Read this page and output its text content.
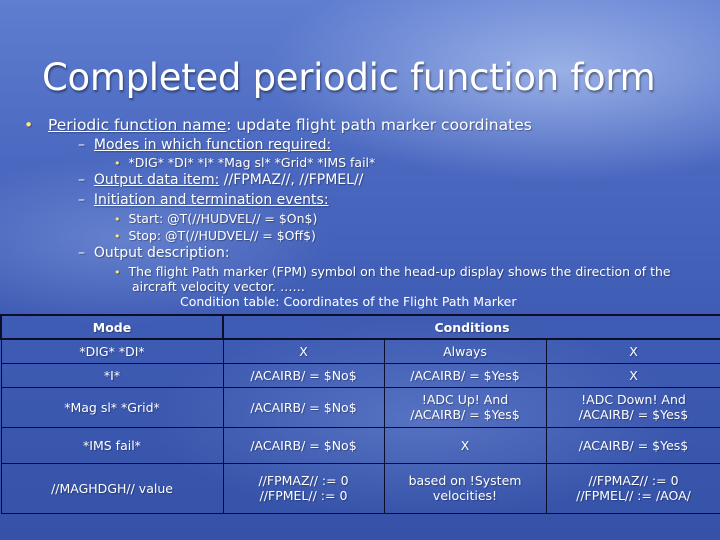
Completed periodic function form
• Periodic function name: update flight path marker coordinates
– Modes in which function required:
• *DIG* *DI* *I* *Mag sl* *Grid* *IMS fail*
– Output data item: //FPMAZ//, //FPMEL//
– Initiation and termination events:
• Start: @T(//HUDVEL// = $On$)
• Stop: @T(//HUDVEL// = $Off$)
– Output description:
• The flight Path marker (FPM) symbol on the head-up display shows the direction of the
aircraft velocity vector. ……
Condition table: Coordinates of the Flight Path Marker
Mode	Conditions		
*DIG* *DI*	X	Always	X
*I*	/ACAIRB/ = $No$	/ACAIRB/ = $Yes$	X
*Mag sl* *Grid*	/ACAIRB/ = $No$	!ADC Up! And
/ACAIRB/ = $Yes$	!ADC Down! And
/ACAIRB/ = $Yes$
*IMS fail*	/ACAIRB/ = $No$	X	/ACAIRB/ = $Yes$
//MAGHDGH// value	//FPMAZ// := 0
//FPMEL// := 0	based on !System
velocities!	//FPMAZ// := 0
//FPMEL// := /AOA/
